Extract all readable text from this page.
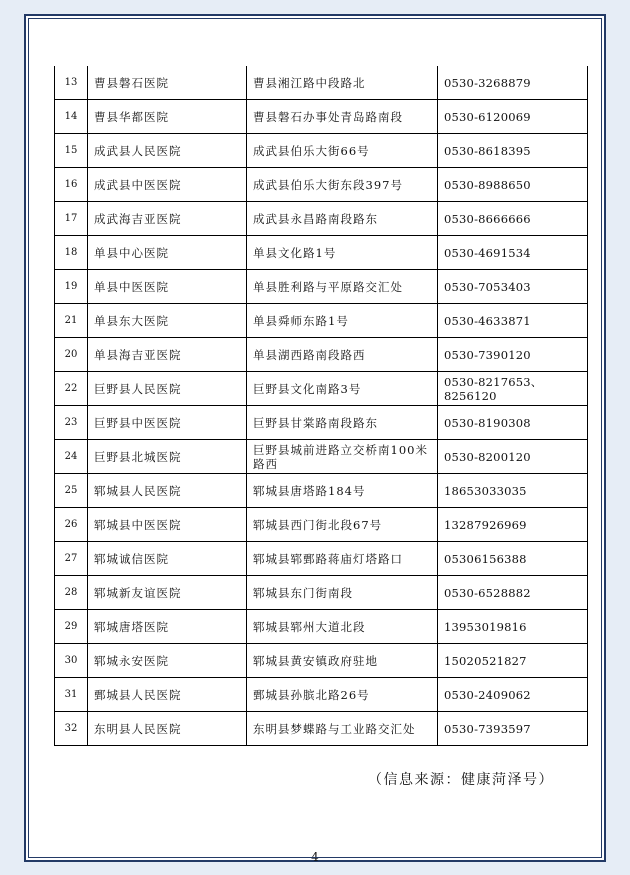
13	曹县磐石医院	曹县湘江路中段路北	0530-3268879
14	曹县华都医院	曹县磐石办事处青岛路南段	0530-6120069
15	成武县人民医院	成武县伯乐大街66号	0530-8618395
16	成武县中医医院	成武县伯乐大街东段397号	0530-8988650
17	成武海吉亚医院	成武县永昌路南段路东	0530-8666666
18	单县中心医院	单县文化路1号	0530-4691534
19	单县中医医院	单县胜利路与平原路交汇处	0530-7053403
21	单县东大医院	单县舜师东路1号	0530-4633871
20	单县海吉亚医院	单县湖西路南段路西	0530-7390120
22	巨野县人民医院	巨野县文化南路3号	0530-8217653、8256120
23	巨野县中医医院	巨野县甘棠路南段路东	0530-8190308
24	巨野县北城医院	巨野县城前进路立交桥南100米路西	0530-8200120
25	郓城县人民医院	郓城县唐塔路184号	18653033035
26	郓城县中医医院	郓城县西门街北段67号	13287926969
27	郓城诚信医院	郓城县郓鄄路蒋庙灯塔路口	05306156388
28	郓城新友谊医院	郓城县东门街南段	0530-6528882
29	郓城唐塔医院	郓城县郓州大道北段	13953019816
30	郓城永安医院	郓城县黄安镇政府驻地	15020521827
31	鄄城县人民医院	鄄城县孙膑北路26号	0530-2409062
32	东明县人民医院	东明县梦蝶路与工业路交汇处	0530-7393597
（信息来源：健康菏泽号）
- 4 -
